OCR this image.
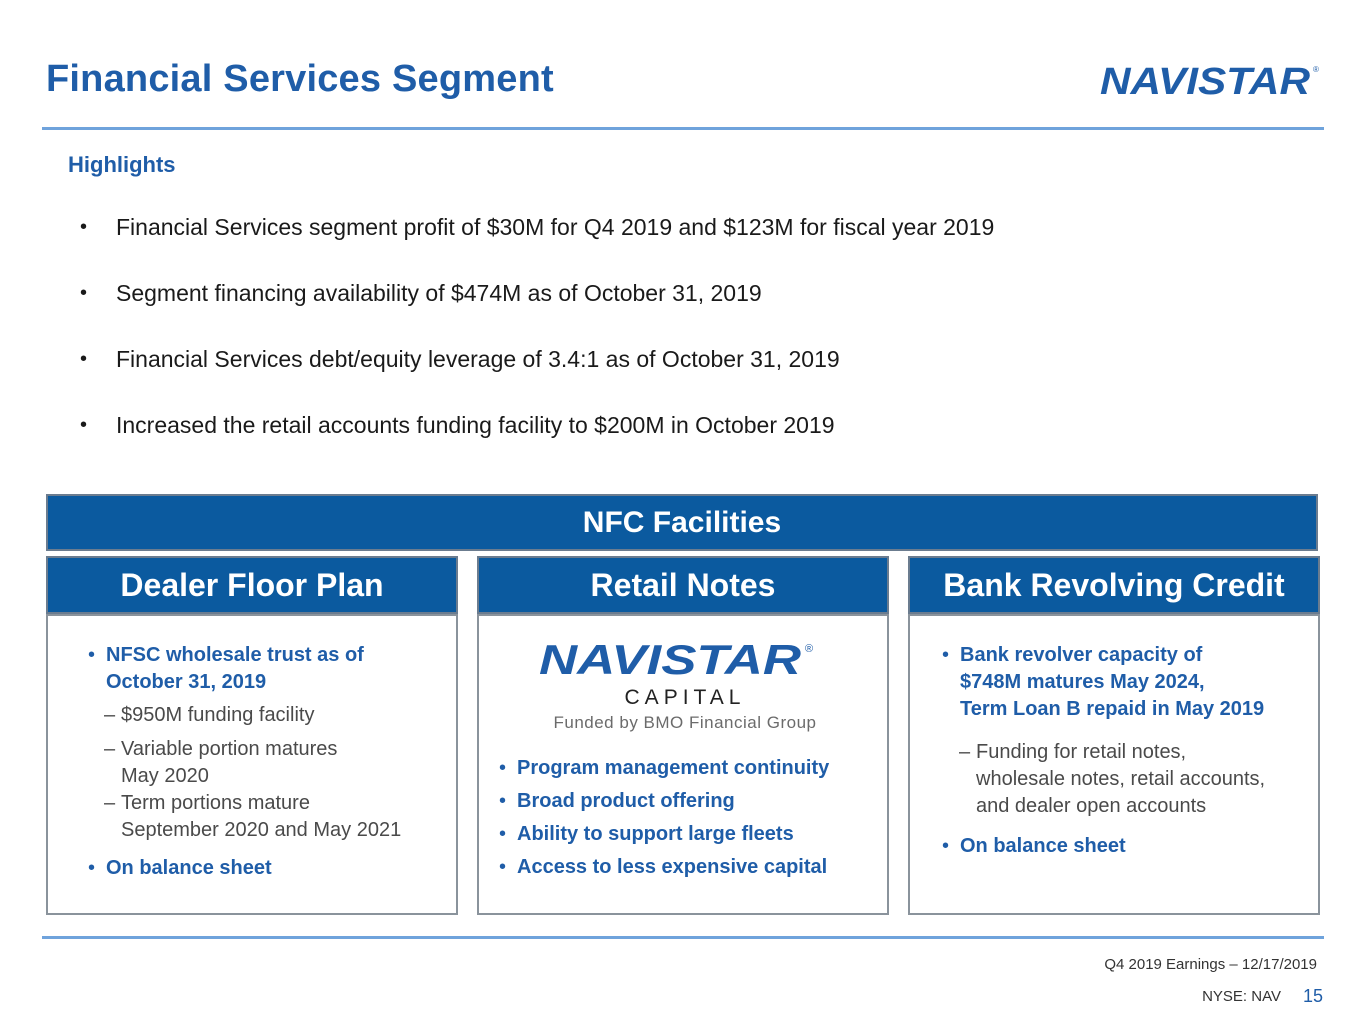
Financial Services Segment	NAVISTAR ®
Highlights
•	Financial Services segment profit of $30M for Q4 2019 and $123M for fiscal year 2019
•	Segment financing availability of $474M as of October 31, 2019
•	Financial Services debt/equity leverage of 3.4:1 as of October 31, 2019
•	Increased the retail accounts funding facility to $200M in October 2019
NFC Facilities
Dealer Floor Plan
• NFSC wholesale trust as of
October 31, 2019
– $950M funding facility
– Variable portion matures
May 2020
– Term portions mature
September 2020 and May 2021
• On balance sheet
Retail Notes
NAVISTAR ®
CAPITAL
Funded by BMO Financial Group
• Program management continuity
• Broad product offering
• Ability to support large fleets
• Access to less expensive capital
Bank Revolving Credit
• Bank revolver capacity of
$748M matures May 2024,
Term Loan B repaid in May 2019
– Funding for retail notes,
wholesale notes, retail accounts,
and dealer open accounts
• On balance sheet
Q4 2019 Earnings – 12/17/2019
NYSE: NAV 15
